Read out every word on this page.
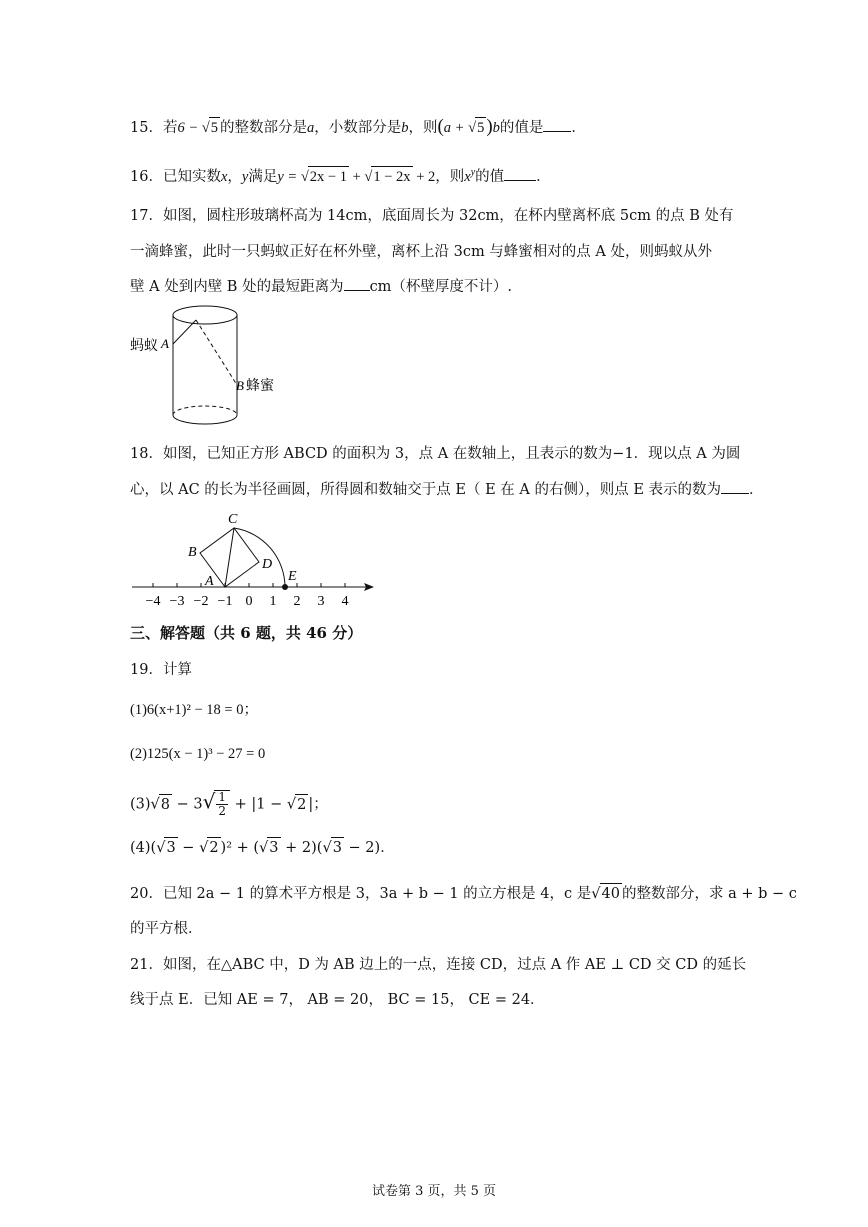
15．若6 − √5 的整数部分是a，小数部分是b，则(a + √5 )b的值是 ．
16．已知实数x，y满足y = √2x − 1 + √1 − 2x + 2，则$x^y$的值 ．
17．如图，圆柱形玻璃杯高为 14cm，底面周长为 32cm，在杯内壁离杯底 5cm 的点 B 处有
一滴蜂蜜，此时一只蚂蚁正好在杯外壁，离杯上沿 3cm 与蜂蜜相对的点 A 处，则蚂蚁从外
壁 A 处到内壁 B 处的最短距离为 cm（杯壁厚度不计）.
蚂蚁 A
B 蜂蜜
18．如图，已知正方形 ABCD 的面积为 3，点 A 在数轴上，且表示的数为−1．现以点 A 为圆
心，以 AC 的长为半径画圆，所得圆和数轴交于点 E（ E 在 A 的右侧），则点 E 表示的数为 ．
−4 −3 −2 −1 0 1 2 3 4
C
B
D
A	E
三、解答题（共 6 题，共 46 分）
19．计算
(1)6(x+1)² − 18 = 0；
(2)125(x − 1)³ − 27 = 0
$(3)√8 - 3√ \frac{1}{2} + |1 - √2$ |；
(4)(√3 − √2 )² + (√3 + 2)(√3 − 2)．
20．已知 2a − 1 的算术平方根是 3，3a + b − 1 的立方根是 4，c 是√40 的整数部分，求 a + b − c
的平方根．
21．如图，在△ABC 中，D 为 AB 边上的一点，连接 CD，过点 A 作 AE ⊥ CD 交 CD 的延长
线于点 E．已知 AE = 7， AB = 20， BC = 15， CE = 24．
试卷第 3 页，共 5 页
